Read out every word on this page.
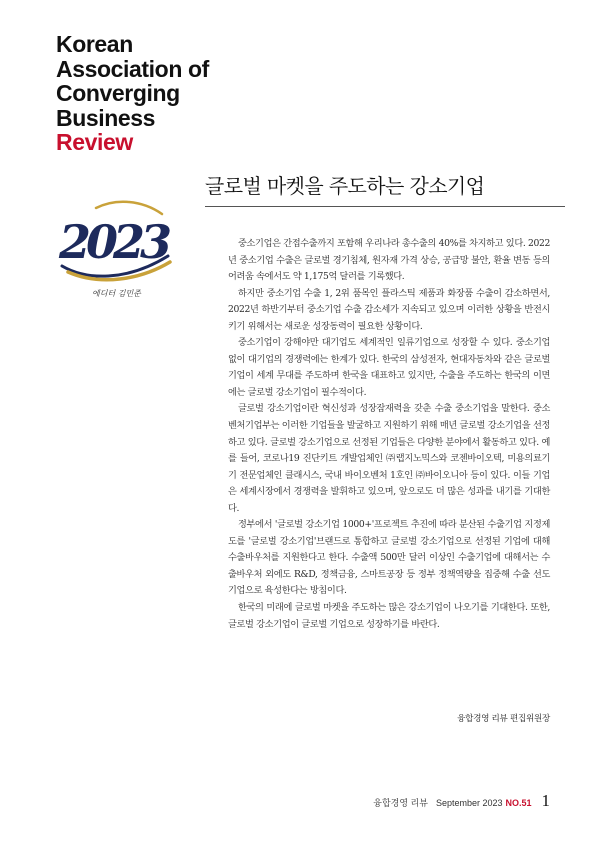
Korean
Association of
Converging
Business
Review
2023
에디터 김민준
글로벌 마켓을 주도하는 강소기업

중소기업은 간접수출까지 포함해 우리나라 총수출의 40%를 차지하고 있다. 2022년 중소기업 수출은 글로벌 경기침체, 원자재 가격 상승, 공급망 불안, 환율 변동 등의 어려움 속에서도 약 1,175억 달러를 기록했다.

하지만 중소기업 수출 1, 2위 품목인 플라스틱 제품과 화장품 수출이 감소하면서, 2022년 하반기부터 중소기업 수출 감소세가 지속되고 있으며 이러한 상황을 반전시키기 위해서는 새로운 성장동력이 필요한 상황이다.

중소기업이 강해야만 대기업도 세계적인 일류기업으로 성장할 수 있다. 중소기업 없이 대기업의 경쟁력에는 한계가 있다. 한국의 삼성전자, 현대자동차와 같은 글로벌 기업이 세계 무대를 주도하며 한국을 대표하고 있지만, 수출을 주도하는 한국의 이면에는 글로벌 강소기업이 필수적이다.

글로벌 강소기업이란 혁신성과 성장잠재력을 갖춘 수출 중소기업을 말한다. 중소벤처기업부는 이러한 기업들을 발굴하고 지원하기 위해 매년 글로벌 강소기업을 선정하고 있다. 글로벌 강소기업으로 선정된 기업들은 다양한 분야에서 활동하고 있다. 예를 들어, 코로나19 진단키트 개발업체인 ㈜랩지노믹스와 코젠바이오텍, 미용의료기기 전문업체인 클래시스, 국내 바이오벤처 1호인 ㈜바이오니아 등이 있다. 이들 기업은 세계시장에서 경쟁력을 발휘하고 있으며, 앞으로도 더 많은 성과를 내기를 기대한다.

정부에서 '글로벌 강소기업 1000+'프로젝트 추진에 따라 분산된 수출기업 지정제도를 '글로벌 강소기업'브랜드로 통합하고 글로벌 강소기업으로 선정된 기업에 대해 수출바우처를 지원한다고 한다. 수출액 500만 달러 이상인 수출기업에 대해서는 수출바우처 외에도 R&D, 정책금융, 스마트공장 등 정부 정책역량을 집중해 수출 선도기업으로 육성한다는 방침이다.

한국의 미래에 글로벌 마켓을 주도하는 많은 강소기업이 나오기를 기대한다. 또한, 글로벌 강소기업이 글로벌 기업으로 성장하기를 바란다.

융합경영 리뷰 편집위원장
융합경영 리뷰 September 2023 NO.51 1
